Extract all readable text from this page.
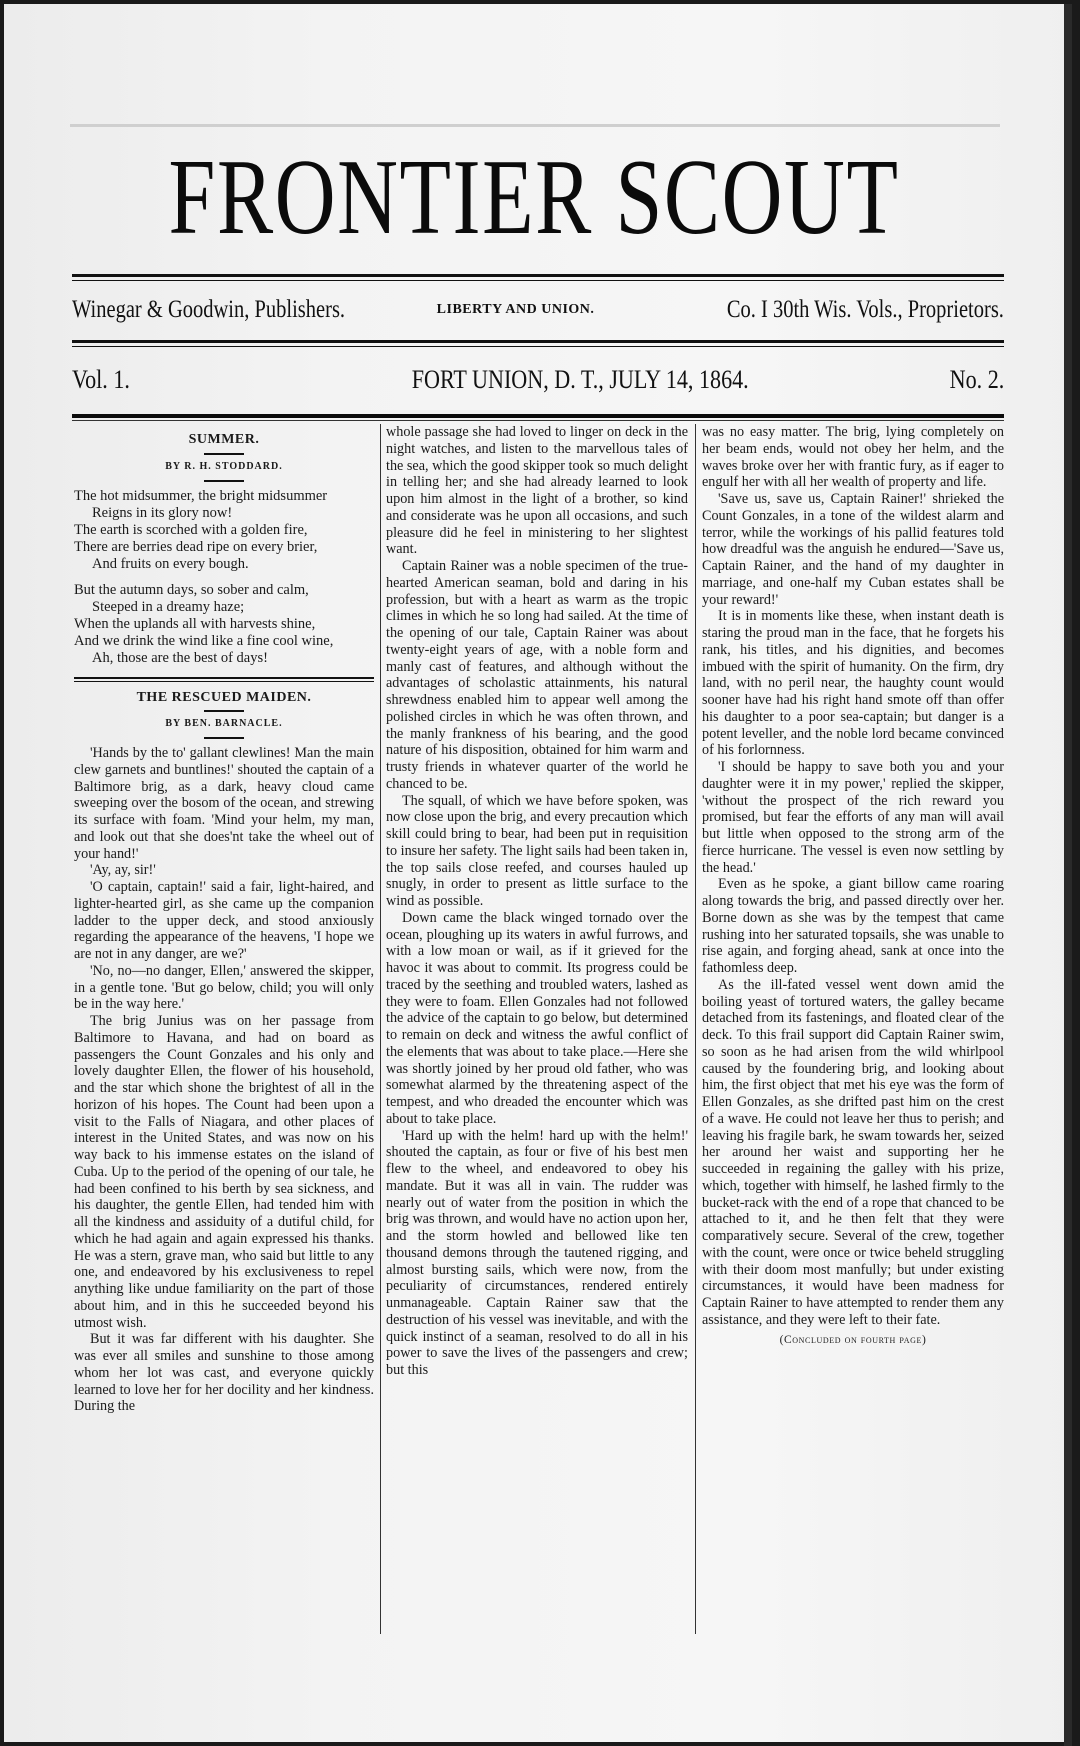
FRONTIER SCOUT
Winegar & Goodwin, Publishers.	LIBERTY AND UNION.	Co. I 30th Wis. Vols., Proprietors.
Vol. 1.	FORT UNION, D. T., JULY 14, 1864.	No. 2.
SUMMER.
BY R. H. STODDARD.
The hot midsummer, the bright midsummer
Reigns in its glory now!
The earth is scorched with a golden fire,
There are berries dead ripe on every brier,
And fruits on every bough.
But the autumn days, so sober and calm,
Steeped in a dreamy haze;
When the uplands all with harvests shine,
And we drink the wind like a fine cool wine,
Ah, those are the best of days!
THE RESCUED MAIDEN.
BY BEN. BARNACLE.

'Hands by the to' gallant clewlines! Man the main clew garnets and buntlines!' shouted the captain of a Baltimore brig, as a dark, heavy cloud came sweeping over the bosom of the ocean, and strewing its surface with foam. 'Mind your helm, my man, and look out that she does'nt take the wheel out of your hand!'

'Ay, ay, sir!'

'O captain, captain!' said a fair, light-haired, and lighter-hearted girl, as she came up the companion ladder to the upper deck, and stood anxiously regarding the appearance of the heavens, 'I hope we are not in any danger, are we?'

'No, no—no danger, Ellen,' answered the skipper, in a gentle tone. 'But go below, child; you will only be in the way here.'

The brig Junius was on her passage from Baltimore to Havana, and had on board as passengers the Count Gonzales and his only and lovely daughter Ellen, the flower of his household, and the star which shone the brightest of all in the horizon of his hopes. The Count had been upon a visit to the Falls of Niagara, and other places of interest in the United States, and was now on his way back to his immense estates on the island of Cuba. Up to the period of the opening of our tale, he had been confined to his berth by sea sickness, and his daughter, the gentle Ellen, had tended him with all the kindness and assiduity of a dutiful child, for which he had again and again expressed his thanks. He was a stern, grave man, who said but little to any one, and endeavored by his exclusiveness to repel anything like undue familiarity on the part of those about him, and in this he succeeded beyond his utmost wish.

But it was far different with his daughter. She was ever all smiles and sunshine to those among whom her lot was cast, and everyone quickly learned to love her for her docility and her kindness. During the

whole passage she had loved to linger on deck in the night watches, and listen to the marvellous tales of the sea, which the good skipper took so much delight in telling her; and she had already learned to look upon him almost in the light of a brother, so kind and considerate was he upon all occasions, and such pleasure did he feel in ministering to her slightest want.

Captain Rainer was a noble specimen of the true-hearted American seaman, bold and daring in his profession, but with a heart as warm as the tropic climes in which he so long had sailed. At the time of the opening of our tale, Captain Rainer was about twenty-eight years of age, with a noble form and manly cast of features, and although without the advantages of scholastic attainments, his natural shrewdness enabled him to appear well among the polished circles in which he was often thrown, and the manly frankness of his bearing, and the good nature of his disposition, obtained for him warm and trusty friends in whatever quarter of the world he chanced to be.

The squall, of which we have before spoken, was now close upon the brig, and every precaution which skill could bring to bear, had been put in requisition to insure her safety. The light sails had been taken in, the top sails close reefed, and courses hauled up snugly, in order to present as little surface to the wind as possible.

Down came the black winged tornado over the ocean, ploughing up its waters in awful furrows, and with a low moan or wail, as if it grieved for the havoc it was about to commit. Its progress could be traced by the seething and troubled waters, lashed as they were to foam. Ellen Gonzales had not followed the advice of the captain to go below, but determined to remain on deck and witness the awful conflict of the elements that was about to take place.—Here she was shortly joined by her proud old father, who was somewhat alarmed by the threatening aspect of the tempest, and who dreaded the encounter which was about to take place.

'Hard up with the helm! hard up with the helm!' shouted the captain, as four or five of his best men flew to the wheel, and endeavored to obey his mandate. But it was all in vain. The rudder was nearly out of water from the position in which the brig was thrown, and would have no action upon her, and the storm howled and bellowed like ten thousand demons through the tautened rigging, and almost bursting sails, which were now, from the peculiarity of circumstances, rendered entirely unmanageable. Captain Rainer saw that the destruction of his vessel was inevitable, and with the quick instinct of a seaman, resolved to do all in his power to save the lives of the passengers and crew; but this

was no easy matter. The brig, lying completely on her beam ends, would not obey her helm, and the waves broke over her with frantic fury, as if eager to engulf her with all her wealth of property and life.

'Save us, save us, Captain Rainer!' shrieked the Count Gonzales, in a tone of the wildest alarm and terror, while the workings of his pallid features told how dreadful was the anguish he endured—'Save us, Captain Rainer, and the hand of my daughter in marriage, and one-half my Cuban estates shall be your reward!'

It is in moments like these, when instant death is staring the proud man in the face, that he forgets his rank, his titles, and his dignities, and becomes imbued with the spirit of humanity. On the firm, dry land, with no peril near, the haughty count would sooner have had his right hand smote off than offer his daughter to a poor sea-captain; but danger is a potent leveller, and the noble lord became convinced of his forlornness.

'I should be happy to save both you and your daughter were it in my power,' replied the skipper, 'without the prospect of the rich reward you promised, but fear the efforts of any man will avail but little when opposed to the strong arm of the fierce hurricane. The vessel is even now settling by the head.'

Even as he spoke, a giant billow came roaring along towards the brig, and passed directly over her. Borne down as she was by the tempest that came rushing into her saturated topsails, she was unable to rise again, and forging ahead, sank at once into the fathomless deep.

As the ill-fated vessel went down amid the boiling yeast of tortured waters, the galley became detached from its fastenings, and floated clear of the deck. To this frail support did Captain Rainer swim, so soon as he had arisen from the wild whirlpool caused by the foundering brig, and looking about him, the first object that met his eye was the form of Ellen Gonzales, as she drifted past him on the crest of a wave. He could not leave her thus to perish; and leaving his fragile bark, he swam towards her, seized her around her waist and supporting her he succeeded in regaining the galley with his prize, which, together with himself, he lashed firmly to the bucket-rack with the end of a rope that chanced to be attached to it, and he then felt that they were comparatively secure. Several of the crew, together with the count, were once or twice beheld struggling with their doom most manfully; but under existing circumstances, it would have been madness for Captain Rainer to have attempted to render them any assistance, and they were left to their fate.

(Concluded on fourth page)
